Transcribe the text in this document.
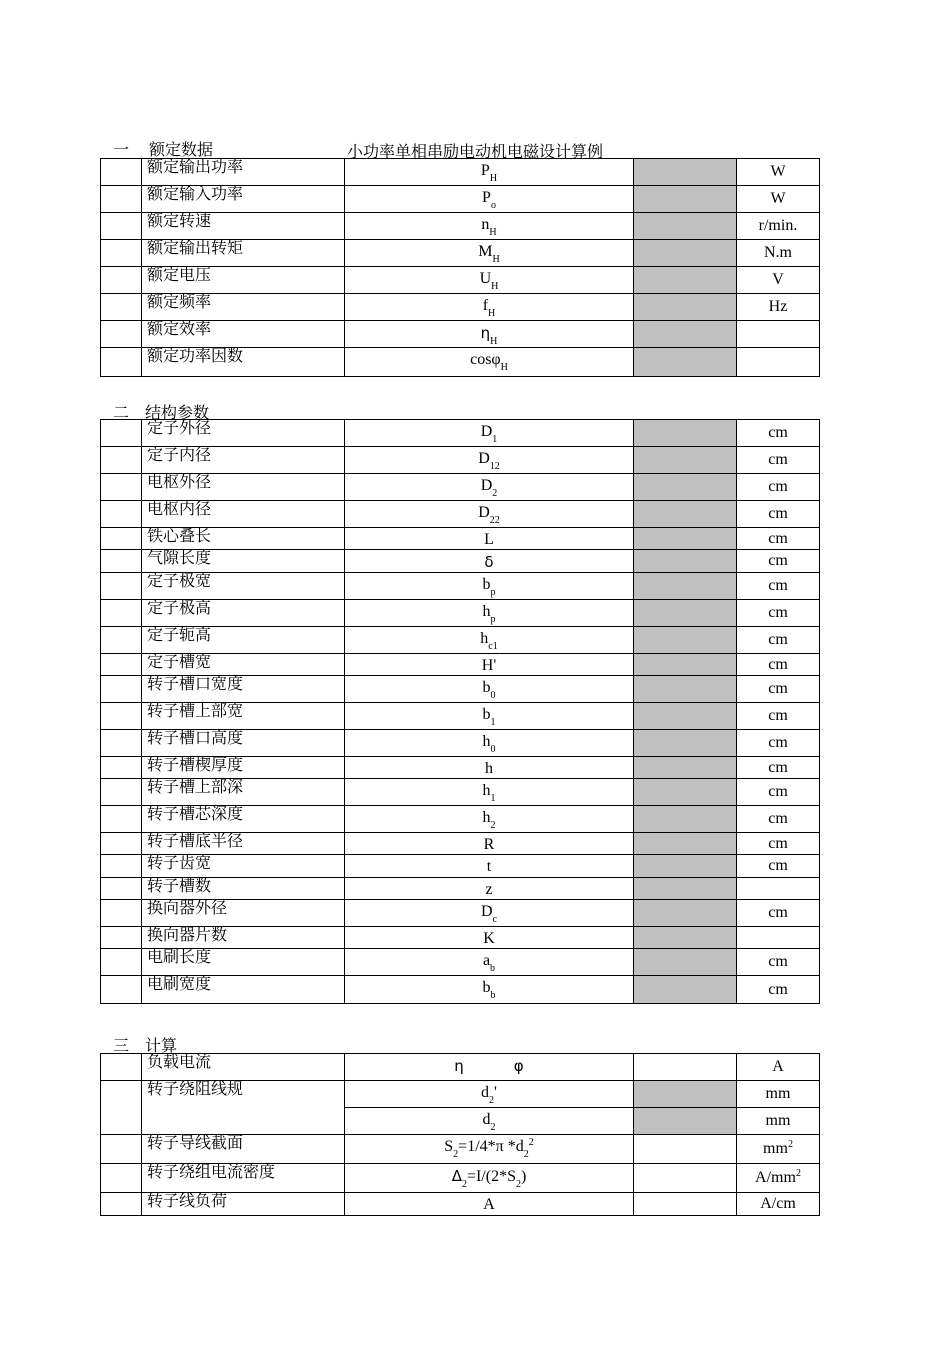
一 额定数据	小功率单相串励电动机电磁设计算例
	额定输出功率	$P_H$		W
	额定输入功率	$P_o$		W
	额定转速	$n_H$		r/min.
	额定输出转矩	$M_H$		N.m
	额定电压	$U_H$		V
	额定频率	$f_H$		Hz
	额定效率	$\eta_H$		
	额定功率因数	cosφ$_H$		
二 结构参数
	定子外径	$D_1$		cm
	定子内径	$D_{12}$		cm
	电枢外径	$D_2$		cm
	电枢内径	$D_{22}$		cm
	铁心叠长	L		cm
	气隙长度	δ		cm
	定子极宽	$b_p$		cm
	定子极高	$h_p$		cm
	定子轭高	$h_{c1}$		cm
	定子槽宽	H'		cm
	转子槽口宽度	$b_0$		cm
	转子槽上部宽	$b_1$		cm
	转子槽口高度	$h_0$		cm
	转子槽楔厚度	h		cm
	转子槽上部深	$h_1$		cm
	转子槽芯深度	$h_2$		cm
	转子槽底半径	R		cm
	转子齿宽	t		cm
	转子槽数	z		
	换向器外径	$D_c$		cm
	换向器片数	K		
	电刷长度	$a_b$		cm
	电刷宽度	$b_b$		cm
三 计算
	负载电流	η φ		A
	转子绕阻线规	$d_2'$		mm
		$d_2$		mm
	转子导线截面	$S_2=1/4*\pi$ $*d_2^2$		$mm^2$
	转子绕组电流密度	$\Delta_2=I/(2*S_2)$		$A/mm^2$
	转子线负荷	A		A/cm
